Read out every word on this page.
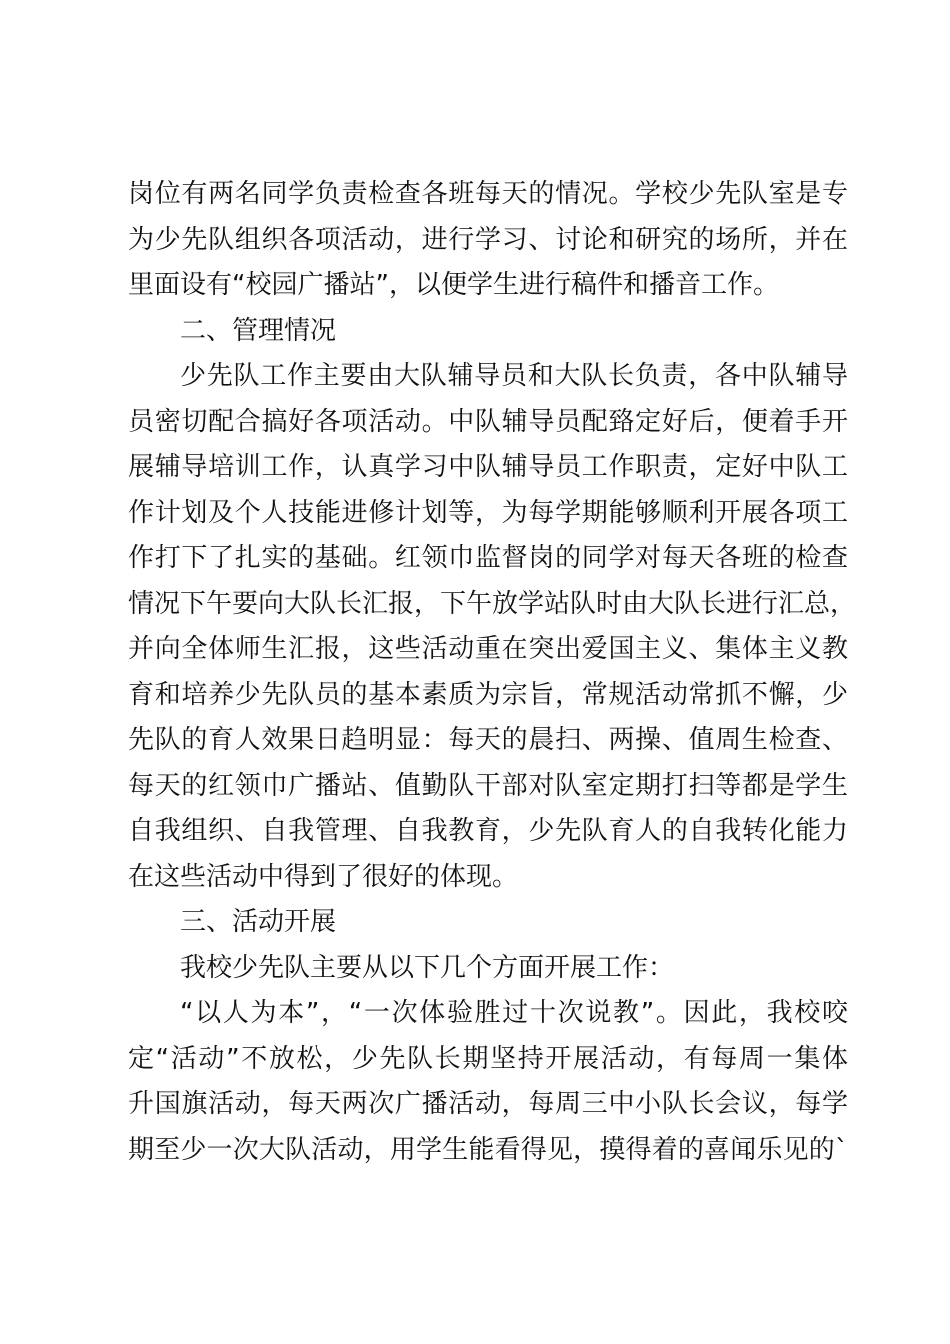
岗位有两名同学负责检查各班每天的情况。学校少先队室是专
为少先队组织各项活动，进行学习、讨论和研究的场所，并在
里面设有“校园广播站”，以便学生进行稿件和播音工作。
二、管理情况
少先队工作主要由大队辅导员和大队长负责，各中队辅导
员密切配合搞好各项活动。中队辅导员配臵定好后，便着手开
展辅导培训工作，认真学习中队辅导员工作职责，定好中队工
作计划及个人技能进修计划等，为每学期能够顺利开展各项工
作打下了扎实的基础。红领巾监督岗的同学对每天各班的检查
情况下午要向大队长汇报，下午放学站队时由大队长进行汇总，
并向全体师生汇报，这些活动重在突出爱国主义、集体主义教
育和培养少先队员的基本素质为宗旨，常规活动常抓不懈，少
先队的育人效果日趋明显：每天的晨扫、两操、值周生检查、
每天的红领巾广播站、值勤队干部对队室定期打扫等都是学生
自我组织、自我管理、自我教育，少先队育人的自我转化能力
在这些活动中得到了很好的体现。
三、活动开展
我校少先队主要从以下几个方面开展工作：
“以人为本”，“一次体验胜过十次说教”。因此，我校咬
定“活动”不放松，少先队长期坚持开展活动，有每周一集体
升国旗活动，每天两次广播活动，每周三中小队长会议，每学
期至少一次大队活动，用学生能看得见，摸得着的喜闻乐见的`
